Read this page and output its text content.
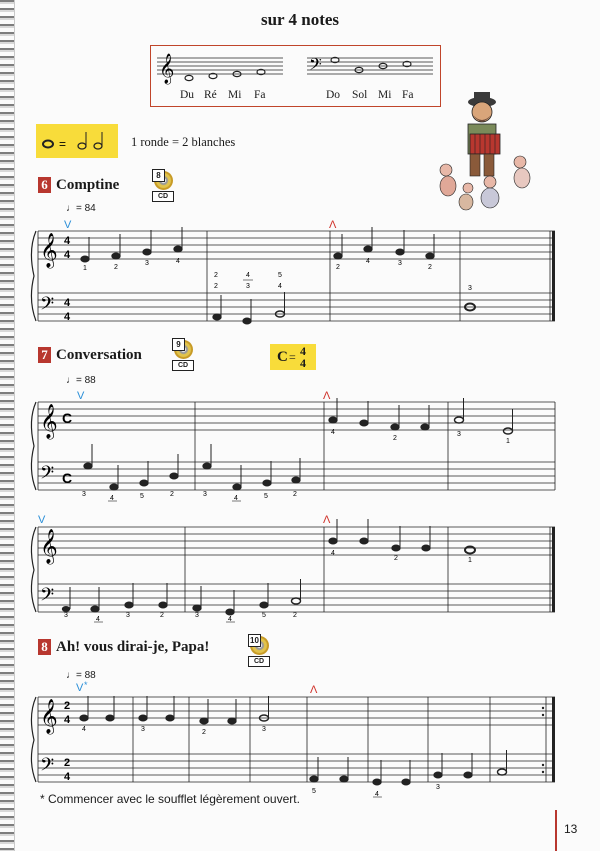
sur 4 notes
𝄞	𝄢
Du Ré Mi Fa	Do Sol Mi Fa
=	1 ronde = 2 blanches
6 Comptine
8
CD
♩= 84
7 Conversation
9
CD
♩= 88
C = 4
4
8 Ah! vous dirai-je, Papa!	10
CD
♩= 88
𝄞
𝄢
4
4
4
4
V	Λ
1	2
3	4
2
4	3
2
2	4	5
2	3	4	3
𝄞
𝄢
C
C
V	Λ
4
2
3
1
3
4	5	2	3
4	5	2
𝄞
𝄢
V	Λ
4
2	1
3
4
3	2	3
4
5	2
𝄞
𝄢
2
4
2
4
V *	Λ
4	3	2	3
5	4
3
* Commencer avec le soufflet légèrement ouvert.
13
